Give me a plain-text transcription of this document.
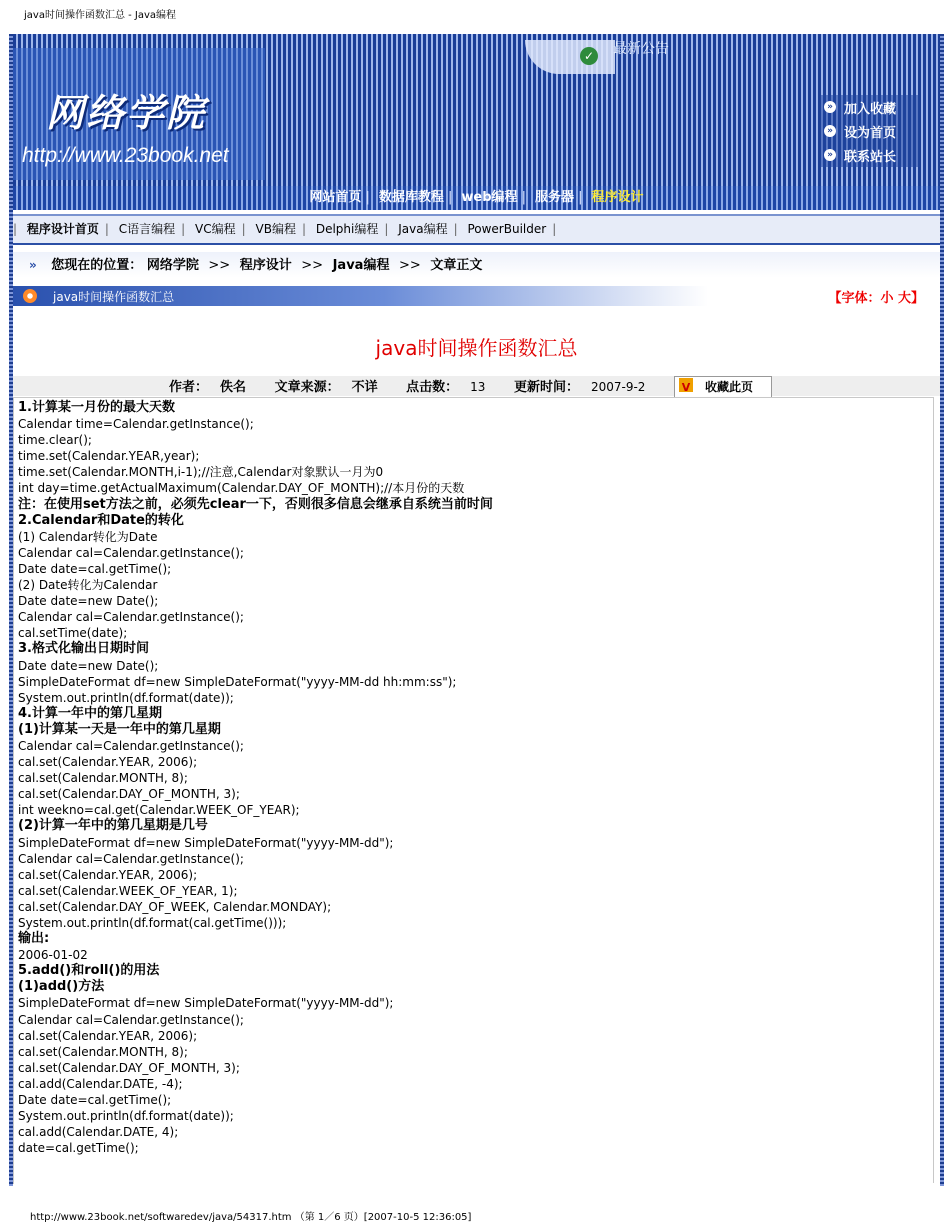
java时间操作函数汇总 - Java编程
网络学院
http://www.23book.net
✓ 最新公告
» 加入收藏
» 设为首页
» 联系站长
网站首页 | 数据库教程 | web编程 | 服务器 | 程序设计
| 程序设计首页 | C语言编程 | VC编程 | VB编程 | Delphi编程 | Java编程 | PowerBuilder |
» 您现在的位置： 网络学院 >> 程序设计 >> Java编程 >> 文章正文
java时间操作函数汇总	【字体：小 大】
java时间操作函数汇总
作者： 佚名 文章来源： 不详 点击数： 13 更新时间： 2007-9-2	V 收藏此页
1.计算某一月份的最大天数
Calendar time=Calendar.getInstance();
time.clear();
time.set(Calendar.YEAR,year);
time.set(Calendar.MONTH,i-1);//注意,Calendar对象默认一月为0
int day=time.getActualMaximum(Calendar.DAY_OF_MONTH);//本月份的天数
注：在使用set方法之前，必须先clear一下，否则很多信息会继承自系统当前时间
2.Calendar和Date的转化
(1) Calendar转化为Date
Calendar cal=Calendar.getInstance();
Date date=cal.getTime();
(2) Date转化为Calendar
Date date=new Date();
Calendar cal=Calendar.getInstance();
cal.setTime(date);
3.格式化输出日期时间
Date date=new Date();
SimpleDateFormat df=new SimpleDateFormat("yyyy-MM-dd hh:mm:ss");
System.out.println(df.format(date));
4.计算一年中的第几星期
(1)计算某一天是一年中的第几星期
Calendar cal=Calendar.getInstance();
cal.set(Calendar.YEAR, 2006);
cal.set(Calendar.MONTH, 8);
cal.set(Calendar.DAY_OF_MONTH, 3);
int weekno=cal.get(Calendar.WEEK_OF_YEAR);
(2)计算一年中的第几星期是几号
SimpleDateFormat df=new SimpleDateFormat("yyyy-MM-dd");
Calendar cal=Calendar.getInstance();
cal.set(Calendar.YEAR, 2006);
cal.set(Calendar.WEEK_OF_YEAR, 1);
cal.set(Calendar.DAY_OF_WEEK, Calendar.MONDAY);
System.out.println(df.format(cal.getTime()));
输出:
2006-01-02
5.add()和roll()的用法
(1)add()方法
SimpleDateFormat df=new SimpleDateFormat("yyyy-MM-dd");
Calendar cal=Calendar.getInstance();
cal.set(Calendar.YEAR, 2006);
cal.set(Calendar.MONTH, 8);
cal.set(Calendar.DAY_OF_MONTH, 3);
cal.add(Calendar.DATE, -4);
Date date=cal.getTime();
System.out.println(df.format(date));
cal.add(Calendar.DATE, 4);
date=cal.getTime();
http://www.23book.net/softwaredev/java/54317.htm （第 1／6 页）[2007-10-5 12:36:05]
